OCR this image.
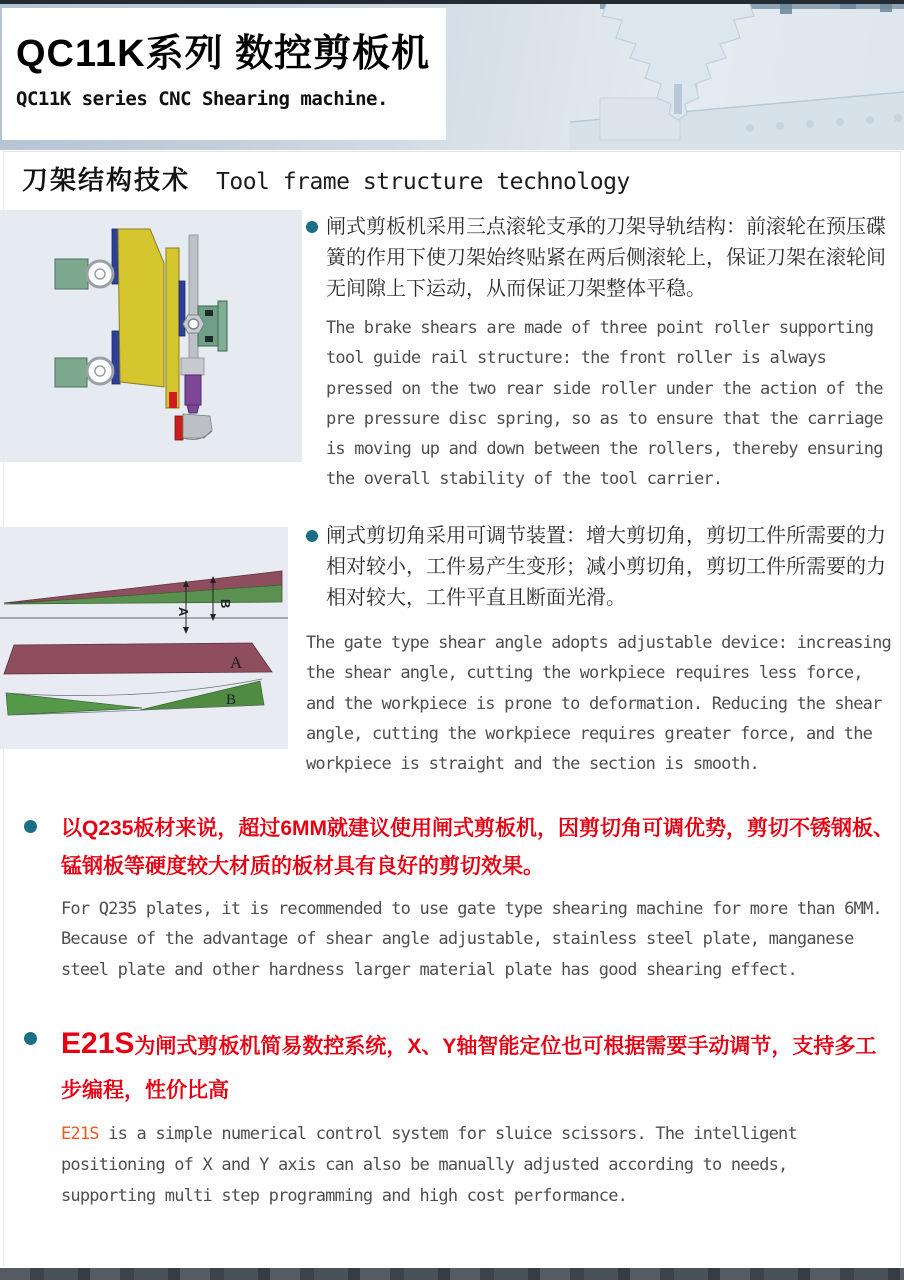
QC11K系列 数控剪板机
QC11K series CNC Shearing machine.
刀架结构技术 Tool frame structure technology

闸式剪板机采用三点滚轮支承的刀架导轨结构：前滚轮在预压碟簧的作用下使刀架始终贴紧在两后侧滚轮上，保证刀架在滚轮间无间隙上下运动，从而保证刀架整体平稳。

The brake shears are made of three point roller supporting tool guide rail structure: the front roller is always pressed on the two rear side roller under the action of the pre pressure disc spring, so as to ensure that the carriage is moving up and down between the rollers, thereby ensuring the overall stability of the tool carrier.

A
B
A
B

闸式剪切角采用可调节装置：增大剪切角，剪切工件所需要的力相对较小，工件易产生变形；减小剪切角，剪切工件所需要的力相对较大，工件平直且断面光滑。

The gate type shear angle adopts adjustable device: increasing the shear angle, cutting the workpiece requires less force, and the workpiece is prone to deformation. Reducing the shear angle, cutting the workpiece requires greater force, and the workpiece is straight and the section is smooth.

以Q235板材来说，超过6MM就建议使用闸式剪板机，因剪切角可调优势，剪切不锈钢板、锰钢板等硬度较大材质的板材具有良好的剪切效果。

For Q235 plates, it is recommended to use gate type shearing machine for more than 6MM. Because of the advantage of shear angle adjustable, stainless steel plate, manganese steel plate and other hardness larger material plate has good shearing effect.

E21S为闸式剪板机简易数控系统，X、Y轴智能定位也可根据需要手动调节，支持多工步编程，性价比高

E21S is a simple numerical control system for sluice scissors. The intelligent positioning of X and Y axis can also be manually adjusted according to needs, supporting multi step programming and high cost performance.
